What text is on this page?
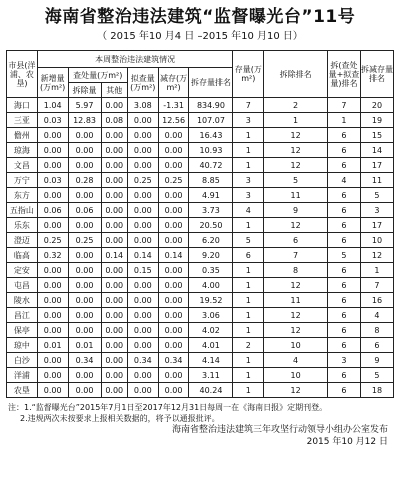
海南省整治违法建筑“监督曝光台”11号
（ 2015 年10 月4 日 –2015 年10 月10 日）
市县(洋浦、农垦)	本周整治违法建筑情况						存量(万m²)	拆除排名	拆(查处量+拟查量)排名	拆减存量排名
	新增量(万m²)	查处量(万m²)		拟查量(万m²)	减存(万m²)	拆存量排名				
		拆除量	其他							
海口	1.04	5.97	0.00	3.08	-1.31	834.90	7	2	7	20
三亚	0.03	12.83	0.08	0.00	12.56	107.07	3	1	1	19
儋州	0.00	0.00	0.00	0.00	0.00	16.43	1	12	6	15
琼海	0.00	0.00	0.00	0.00	0.00	10.93	1	12	6	14
文昌	0.00	0.00	0.00	0.00	0.00	40.72	1	12	6	17
万宁	0.03	0.28	0.00	0.25	0.25	8.85	3	5	4	11
东方	0.00	0.00	0.00	0.00	0.00	4.91	3	11	6	5
五指山	0.06	0.06	0.00	0.00	0.00	3.73	4	9	6	3
乐东	0.00	0.00	0.00	0.00	0.00	20.50	1	12	6	17
澄迈	0.25	0.25	0.00	0.00	0.00	6.20	5	6	6	10
临高	0.32	0.00	0.14	0.14	0.14	9.20	6	7	5	12
定安	0.00	0.00	0.00	0.15	0.00	0.35	1	8	6	1
屯昌	0.00	0.00	0.00	0.00	0.00	4.00	1	12	6	7
陵水	0.00	0.00	0.00	0.00	0.00	19.52	1	11	6	16
昌江	0.00	0.00	0.00	0.00	0.00	3.06	1	12	6	4
保亭	0.00	0.00	0.00	0.00	0.00	4.02	1	12	6	8
琼中	0.01	0.01	0.00	0.00	0.00	4.01	2	10	6	6
白沙	0.00	0.34	0.00	0.34	0.34	4.14	1	4	3	9
洋浦	0.00	0.00	0.00	0.00	0.00	3.11	1	10	6	5
农垦	0.00	0.00	0.00	0.00	0.00	40.24	1	12	6	18
注：1.“监督曝光台”2015年7月1日至2017年12月31日每周一在《海南日报》定期刊登。
2.违规两次未按要求上报相关数据的，将予以通报批评。
海南省整治违法建筑三年攻坚行动领导小组办公室发布
2015 年10 月12 日
